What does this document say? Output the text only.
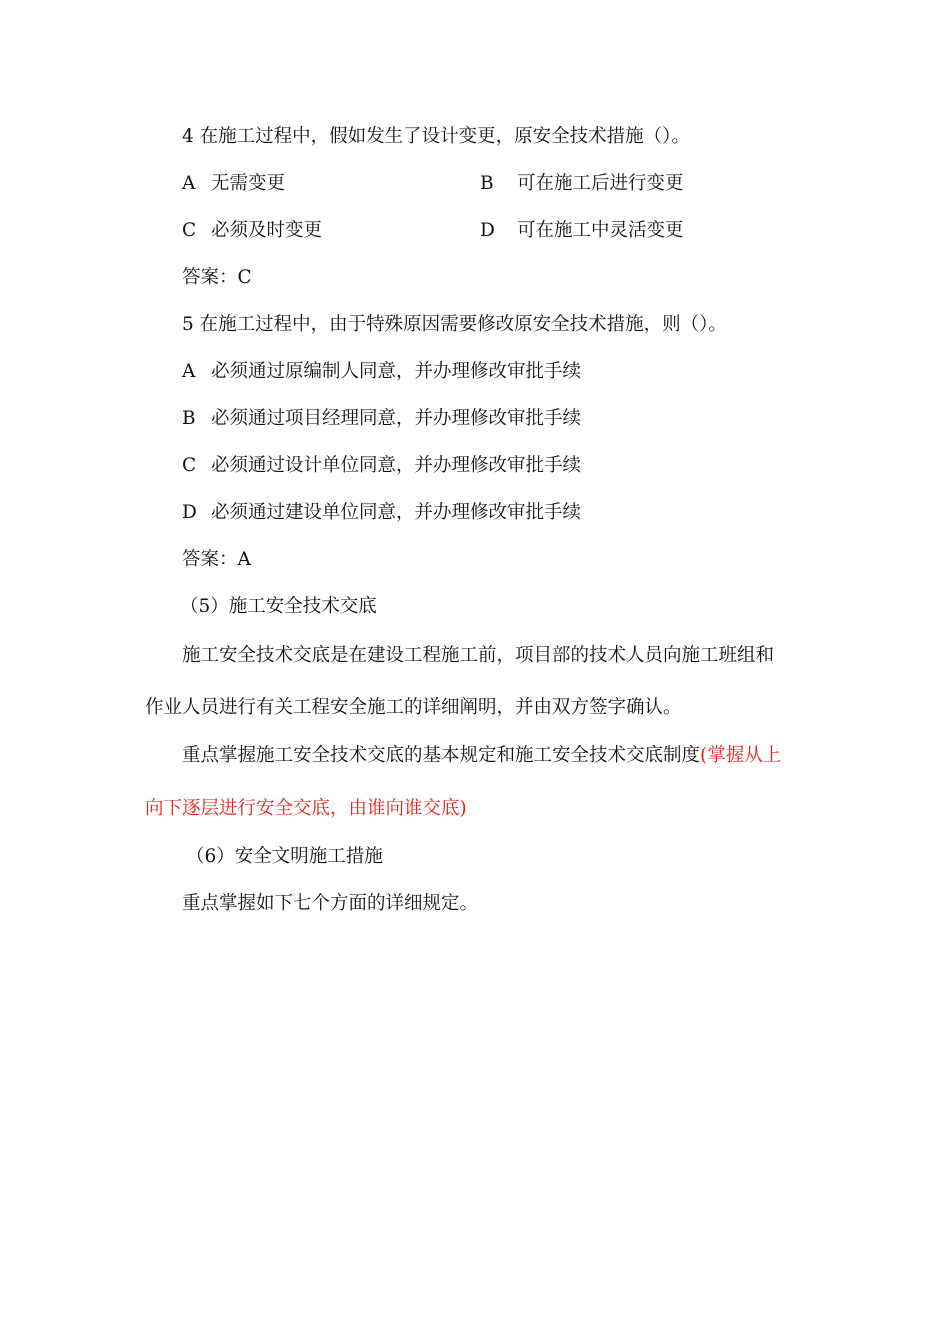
4 在施工过程中，假如发生了设计变更，原安全技术措施（）。
A 无需变更	B 可在施工后进行变更
C 必须及时变更	D 可在施工中灵活变更
答案：C
5 在施工过程中，由于特殊原因需要修改原安全技术措施，则（）。
A 必须通过原编制人同意，并办理修改审批手续
B 必须通过项目经理同意，并办理修改审批手续
C 必须通过设计单位同意，并办理修改审批手续
D 必须通过建设单位同意，并办理修改审批手续
答案：A
（5）施工安全技术交底
施工安全技术交底是在建设工程施工前，项目部的技术人员向施工班组和
作业人员进行有关工程安全施工的详细阐明，并由双方签字确认。
重点掌握施工安全技术交底的基本规定和施工安全技术交底制度(掌握从上
向下逐层进行安全交底，由谁向谁交底)
（6）安全文明施工措施
重点掌握如下七个方面的详细规定。
